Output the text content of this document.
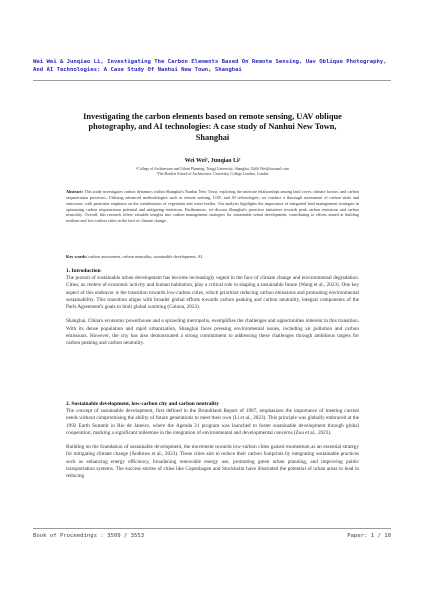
Wei Wei & Junqiao Li, Investigating The Carbon Elements Based On Remote Sensing, Uav Oblique Photography, And AI Technologies: A Case Study Of Nanhui New Town, Shanghai
Investigating the carbon elements based on remote sensing, UAV oblique photography, and AI technologies: A case study of Nanhui New Town, Shanghai
Wei Wei¹, Junqiao Li²
¹College of Architecture and Urban Planning, Tongji University, Shanghai, Gb06.Wei@foxmail.com
²The Bartlett School of Architecture, University College London, London
Abstract: This study investigates carbon dynamics within Shanghai's Nanhui New Town, exploring the intricate relationships among land cover, climate factors, and carbon sequestration processes. Utilizing advanced methodologies such as remote sensing, UAV, and AI technologies, we conduct a thorough assessment of carbon sinks and emissions, with particular emphasis on the contributions of vegetation and water bodies. Our analysis highlights the importance of integrated land management strategies in optimizing carbon sequestration potential and mitigating emissions. Furthermore, we discuss Shanghai's proactive initiatives towards peak carbon emissions and carbon neutrality. Overall, this research offers valuable insights into carbon management strategies for sustainable urban development, contributing to efforts aimed at building resilient and low-carbon cities in the face of climate change.
Key words: carbon assessment, carbon neutrality, sustainable development, AI
1. Introduction

The pursuit of sustainable urban development has become increasingly urgent in the face of climate change and environmental degradation. Cities, as centers of economic activity and human habitation, play a critical role in shaping a sustainable future (Wang et al., 2023). One key aspect of this endeavor is the transition towards low-carbon cities, which prioritize reducing carbon emissions and promoting environmental sustainability. This transition aligns with broader global efforts towards carbon peaking and carbon neutrality, integral components of the Paris Agreement's goals to limit global warming (Colona, 2023).

Shanghai, China's economic powerhouse and a sprawling metropolis, exemplifies the challenges and opportunities inherent in this transition. With its dense population and rapid urbanization, Shanghai faces pressing environmental issues, including air pollution and carbon emissions. However, the city has also demonstrated a strong commitment to addressing these challenges through ambitious targets for carbon peaking and carbon neutrality.

2. Sustainable development, low-carbon city and carbon neutrality

The concept of sustainable development, first defined in the Brundtland Report of 1987, emphasizes the importance of meeting current needs without compromising the ability of future generations to meet their own (Li et al., 2023). This principle was globally embraced at the 1992 Earth Summit in Rio de Janeiro, where the Agenda 21 program was launched to foster sustainable development through global cooperation, marking a significant milestone in the integration of environmental and developmental concerns (Zou et al., 2023).

Building on the foundation of sustainable development, the movement towards low-carbon cities gained momentum as an essential strategy for mitigating climate change (Andrews et al., 2023). These cities aim to reduce their carbon footprints by integrating sustainable practices such as enhancing energy efficiency, broadening renewable energy use, promoting green urban planning, and improving public transportation systems. The success stories of cities like Copenhagen and Stockholm have illustrated the potential of urban areas to lead in reducing

Book of Proceedings : 3509 / 3553	Paper: 1 / 10
